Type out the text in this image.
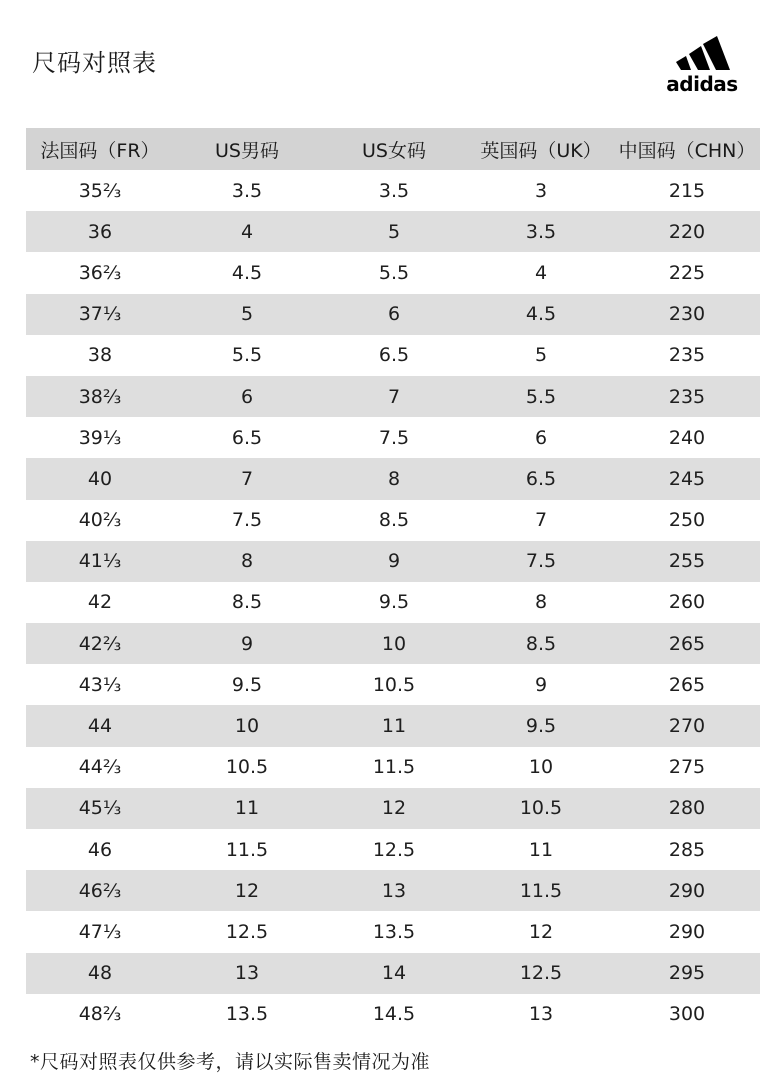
尺码对照表
adidas
法国码（FR）	US男码	US女码	英国码（UK）	中国码（CHN）
35⅔	3.5	3.5	3	215
36	4	5	3.5	220
36⅔	4.5	5.5	4	225
37⅓	5	6	4.5	230
38	5.5	6.5	5	235
38⅔	6	7	5.5	235
39⅓	6.5	7.5	6	240
40	7	8	6.5	245
40⅔	7.5	8.5	7	250
41⅓	8	9	7.5	255
42	8.5	9.5	8	260
42⅔	9	10	8.5	265
43⅓	9.5	10.5	9	265
44	10	11	9.5	270
44⅔	10.5	11.5	10	275
45⅓	11	12	10.5	280
46	11.5	12.5	11	285
46⅔	12	13	11.5	290
47⅓	12.5	13.5	12	290
48	13	14	12.5	295
48⅔	13.5	14.5	13	300
*尺码对照表仅供参考，请以实际售卖情况为准
